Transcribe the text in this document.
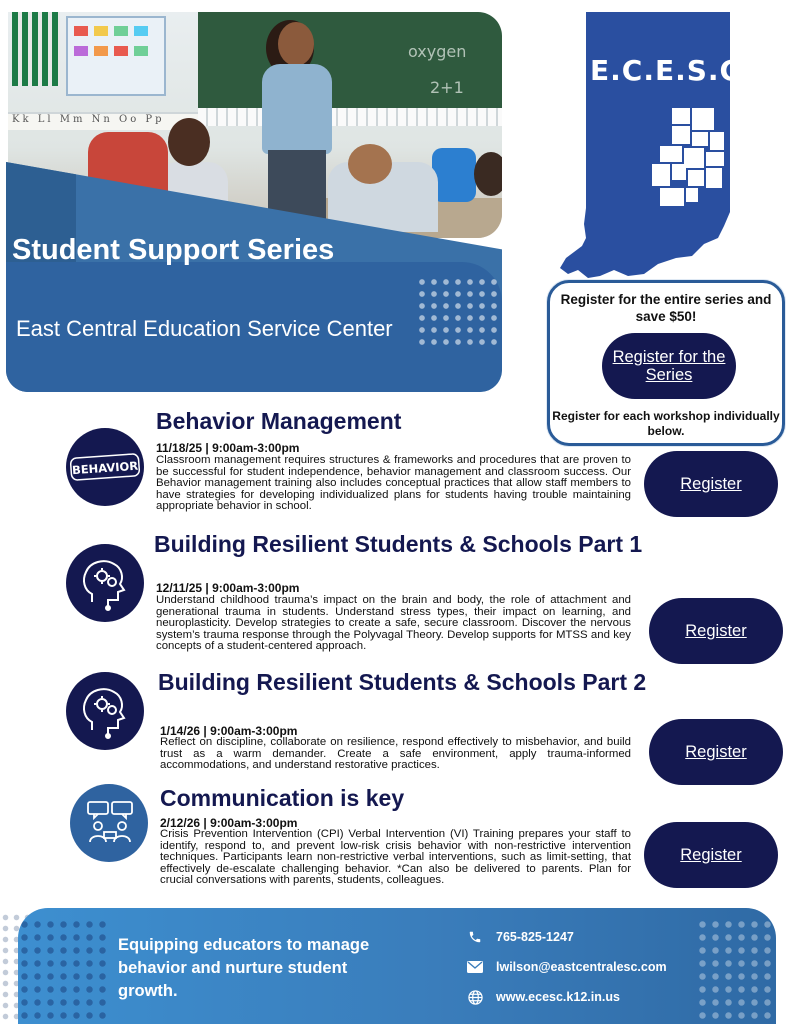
oxygen
2+1
Kk Ll Mm Nn Oo Pp
Student Support Series
East Central Education Service Center
E.C.E.S.C.
Register for the entire series and save $50!
Register for the Series
Register for each workshop individually below.
BEHAVIOR
Behavior Management
11/18/25 | 9:00am-3:00pm
Classroom management requires structures & frameworks and procedures that are proven to be successful for student independence, behavior management and classroom success. Our Behavior management training also includes conceptual practices that allow staff members to have strategies for developing individualized plans for students having trouble maintaining appropriate behavior in school.
Register
Building Resilient Students & Schools Part 1
12/11/25 | 9:00am-3:00pm
Understand childhood trauma’s impact on the brain and body, the role of attachment and generational trauma in students. Understand stress types, their impact on learning, and neuroplasticity. Develop strategies to create a safe, secure classroom. Discover the nervous system’s trauma response through the Polyvagal Theory. Develop supports for MTSS and key concepts of a student-centered approach.
Register
Building Resilient Students & Schools Part 2
1/14/26 | 9:00am-3:00pm
Reflect on discipline, collaborate on resilience, respond effectively to misbehavior, and build trust as a warm demander. Create a safe environment, apply trauma-informed accommodations, and understand restorative practices.
Register
Communication is key
2/12/26 | 9:00am-3:00pm
Crisis Prevention Intervention (CPI) Verbal Intervention (VI) Training prepares your staff to identify, respond to, and prevent low-risk crisis behavior with non-restrictive intervention techniques. Participants learn non-restrictive verbal interventions, such as limit-setting, that effectively de-escalate challenging behavior. *Can also be delivered to parents. Plan for crucial conversations with parents, students, colleagues.
Register
Equipping educators to manage behavior and nurture student growth.
765-825-1247
lwilson@eastcentralesc.com
www.ecesc.k12.in.us
